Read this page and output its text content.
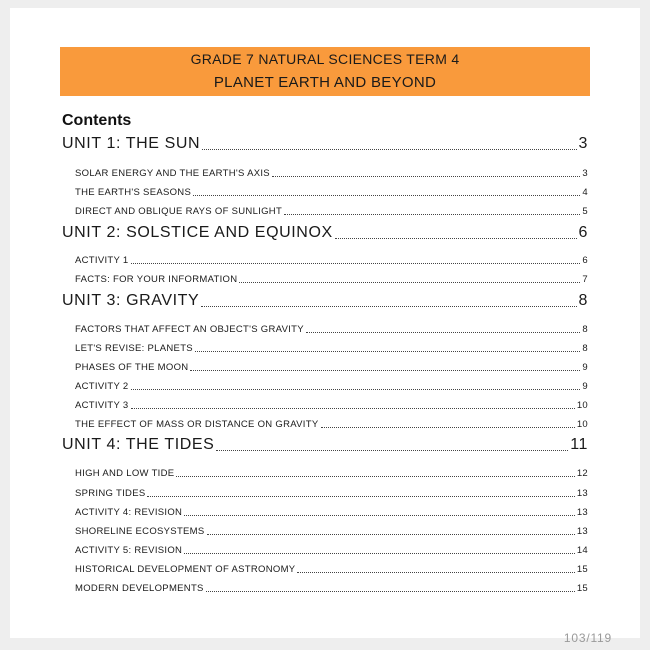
GRADE 7 NATURAL SCIENCES TERM 4
PLANET EARTH AND BEYOND
Contents
UNIT 1: THE SUN	3
SOLAR ENERGY AND THE EARTH'S AXIS	3
THE EARTH'S SEASONS	4
DIRECT AND OBLIQUE RAYS OF SUNLIGHT	5
UNIT 2: SOLSTICE AND EQUINOX	6
ACTIVITY 1	6
FACTS: FOR YOUR INFORMATION	7
UNIT 3: GRAVITY	8
FACTORS THAT AFFECT AN OBJECT'S GRAVITY	8
LET'S REVISE: PLANETS	8
PHASES OF THE MOON	9
ACTIVITY 2	9
ACTIVITY 3	10
THE EFFECT OF MASS OR DISTANCE ON GRAVITY	10
UNIT 4: THE TIDES	11
HIGH AND LOW TIDE	12
SPRING TIDES	13
ACTIVITY 4: REVISION	13
SHORELINE ECOSYSTEMS	13
ACTIVITY 5: REVISION	14
HISTORICAL DEVELOPMENT OF ASTRONOMY	15
MODERN DEVELOPMENTS	15
103/119
